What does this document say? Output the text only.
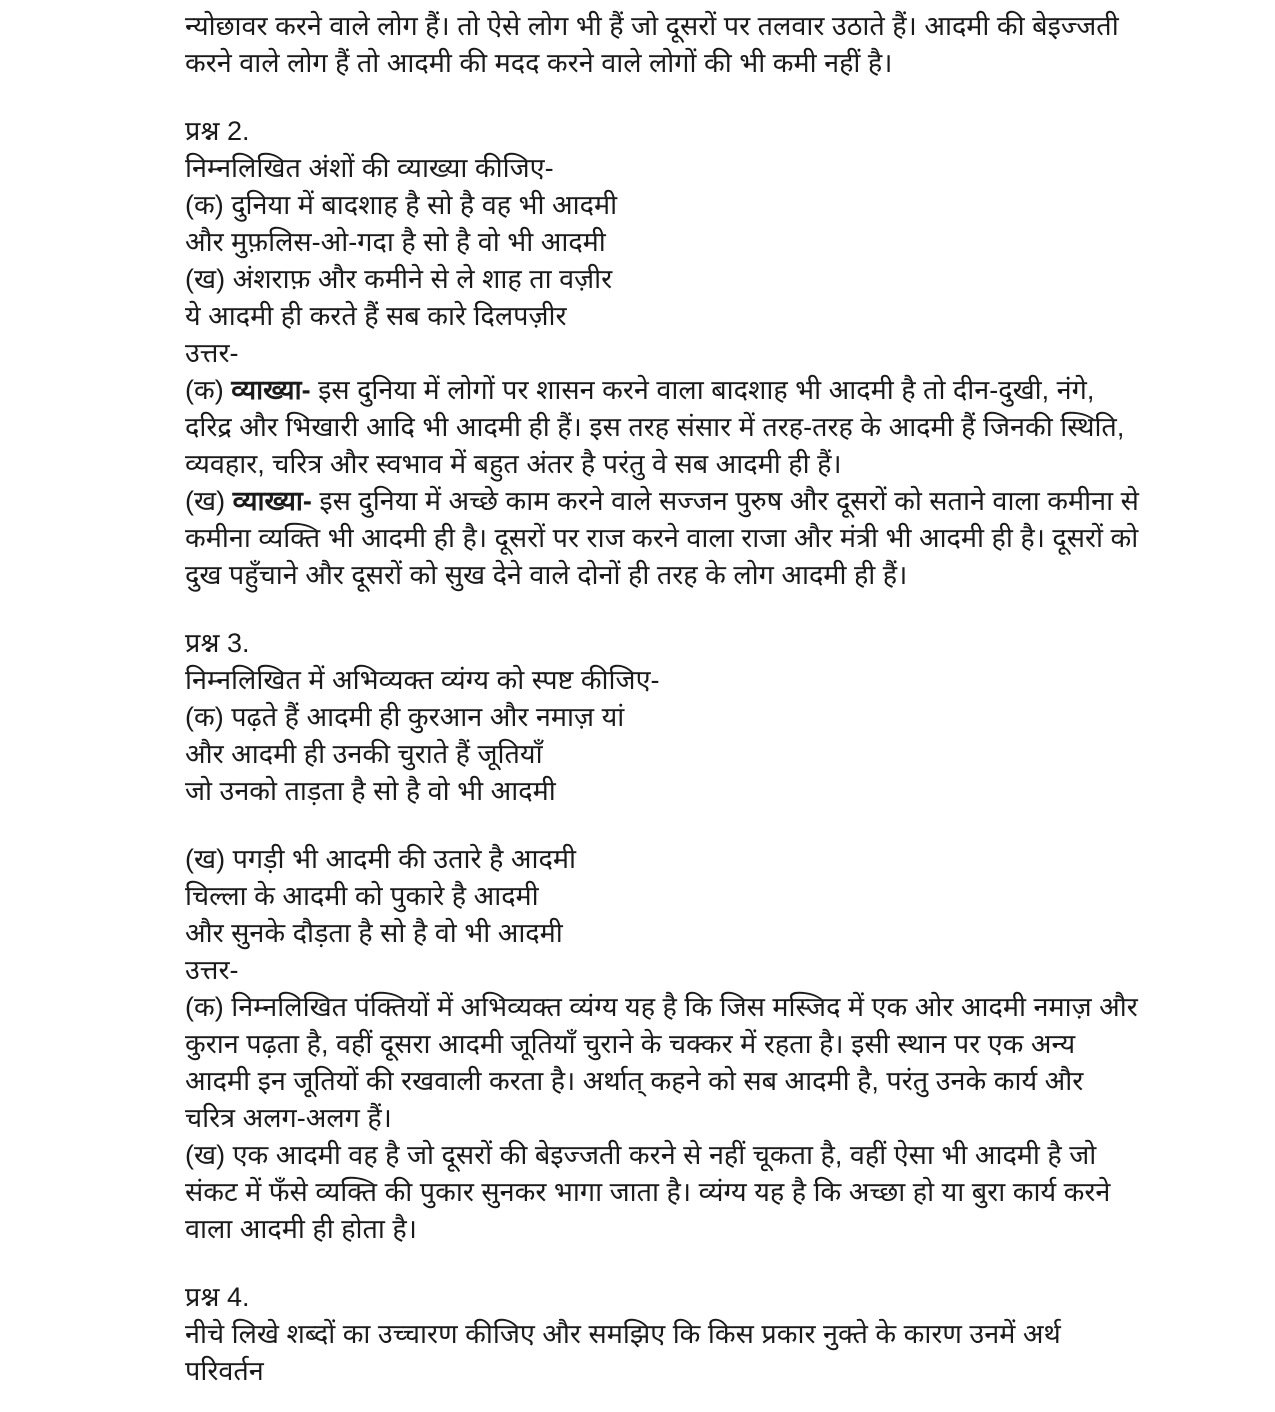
न्योछावर करने वाले लोग हैं। तो ऐसे लोग भी हैं जो दूसरों पर तलवार उठाते हैं। आदमी की बेइज्जती करने वाले लोग हैं तो आदमी की मदद करने वाले लोगों की भी कमी नहीं है।

प्रश्न 2.

निम्नलिखित अंशों की व्याख्या कीजिए-

(क) दुनिया में बादशाह है सो है वह भी आदमी
और मुफ़लिस-ओ-गदा है सो है वो भी आदमी
(ख) अंशराफ़ और कमीने से ले शाह ता वज़ीर
ये आदमी ही करते हैं सब कारे दिलपज़ीर

उत्तर-

(क) व्याख्या- इस दुनिया में लोगों पर शासन करने वाला बादशाह भी आदमी है तो दीन-दुखी, नंगे, दरिद्र और भिखारी आदि भी आदमी ही हैं। इस तरह संसार में तरह-तरह के आदमी हैं जिनकी स्थिति, व्यवहार, चरित्र और स्वभाव में बहुत अंतर है परंतु वे सब आदमी ही हैं।

(ख) व्याख्या- इस दुनिया में अच्छे काम करने वाले सज्जन पुरुष और दूसरों को सताने वाला कमीना से कमीना व्यक्ति भी आदमी ही है। दूसरों पर राज करने वाला राजा और मंत्री भी आदमी ही है। दूसरों को दुख पहुँचाने और दूसरों को सुख देने वाले दोनों ही तरह के लोग आदमी ही हैं।

प्रश्न 3.

निम्नलिखित में अभिव्यक्त व्यंग्य को स्पष्ट कीजिए-

(क) पढ़ते हैं आदमी ही कुरआन और नमाज़ यां
और आदमी ही उनकी चुराते हैं जूतियाँ
जो उनको ताड़ता है सो है वो भी आदमी
(ख) पगड़ी भी आदमी की उतारे है आदमी
चिल्ला के आदमी को पुकारे है आदमी
और सुनके दौड़ता है सो है वो भी आदमी

उत्तर-

(क) निम्नलिखित पंक्तियों में अभिव्यक्त व्यंग्य यह है कि जिस मस्जिद में एक ओर आदमी नमाज़ और कुरान पढ़ता है, वहीं दूसरा आदमी जूतियाँ चुराने के चक्कर में रहता है। इसी स्थान पर एक अन्य आदमी इन जूतियों की रखवाली करता है। अर्थात् कहने को सब आदमी है, परंतु उनके कार्य और चरित्र अलग-अलग हैं।

(ख) एक आदमी वह है जो दूसरों की बेइज्जती करने से नहीं चूकता है, वहीं ऐसा भी आदमी है जो संकट में फँसे व्यक्ति की पुकार सुनकर भागा जाता है। व्यंग्य यह है कि अच्छा हो या बुरा कार्य करने वाला आदमी ही होता है।

प्रश्न 4.

नीचे लिखे शब्दों का उच्चारण कीजिए और समझिए कि किस प्रकार नुक्ते के कारण उनमें अर्थ परिवर्तन
